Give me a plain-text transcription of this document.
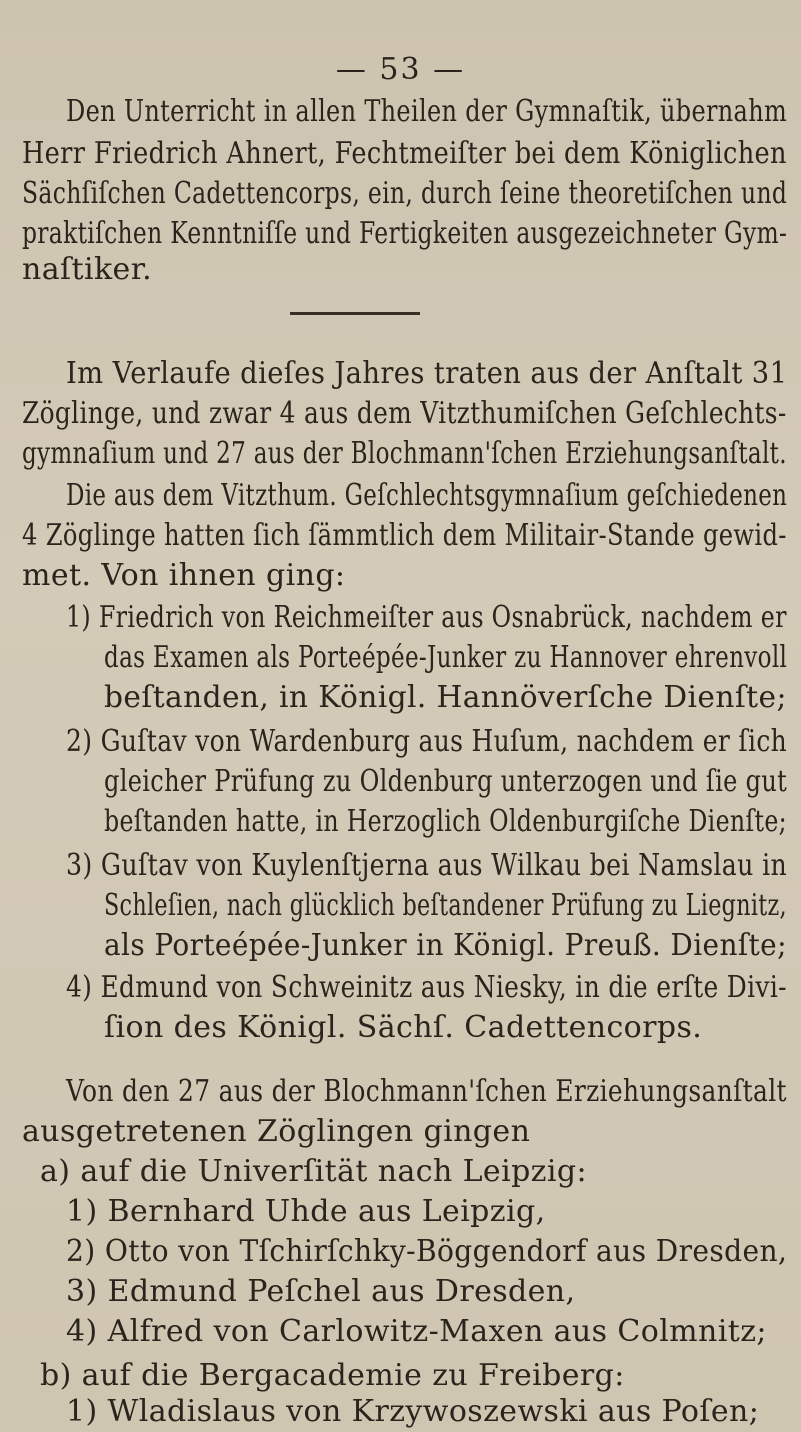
— 53 —
Den Unterricht in allen Theilen der Gymnaſtik, übernahm
Herr Friedrich Ahnert, Fechtmeiſter bei dem Königlichen
Sächſiſchen Cadettencorps, ein, durch ſeine theoretiſchen und
praktiſchen Kenntniſſe und Fertigkeiten ausgezeichneter Gym-
naſtiker.
Im Verlaufe dieſes Jahres traten aus der Anſtalt 31
Zöglinge, und zwar 4 aus dem Vitzthumiſchen Geſchlechts-
gymnaſium und 27 aus der Blochmann'ſchen Erziehungsanſtalt.
Die aus dem Vitzthum. Geſchlechtsgymnaſium geſchiedenen
4 Zöglinge hatten ſich ſämmtlich dem Militair-Stande gewid-
met. Von ihnen ging:
1) Friedrich von Reichmeiſter aus Osnabrück, nachdem er
das Examen als Porteépée-Junker zu Hannover ehrenvoll
beſtanden, in Königl. Hannöverſche Dienſte;
2) Guſtav von Wardenburg aus Huſum, nachdem er ſich
gleicher Prüfung zu Oldenburg unterzogen und ſie gut
beſtanden hatte, in Herzoglich Oldenburgiſche Dienſte;
3) Guſtav von Kuylenſtjerna aus Wilkau bei Namslau in
Schleſien, nach glücklich beſtandener Prüfung zu Liegnitz,
als Porteépée-Junker in Königl. Preuß. Dienſte;
4) Edmund von Schweinitz aus Niesky, in die erſte Divi-
ſion des Königl. Sächſ. Cadettencorps.
Von den 27 aus der Blochmann'ſchen Erziehungsanſtalt
ausgetretenen Zöglingen gingen
a) auf die Univerſität nach Leipzig:
1) Bernhard Uhde aus Leipzig,
2) Otto von Tſchirſchky-Böggendorf aus Dresden,
3) Edmund Peſchel aus Dresden,
4) Alfred von Carlowitz-Maxen aus Colmnitz;
b) auf die Bergacademie zu Freiberg:
1) Wladislaus von Krzywoszewski aus Poſen;
